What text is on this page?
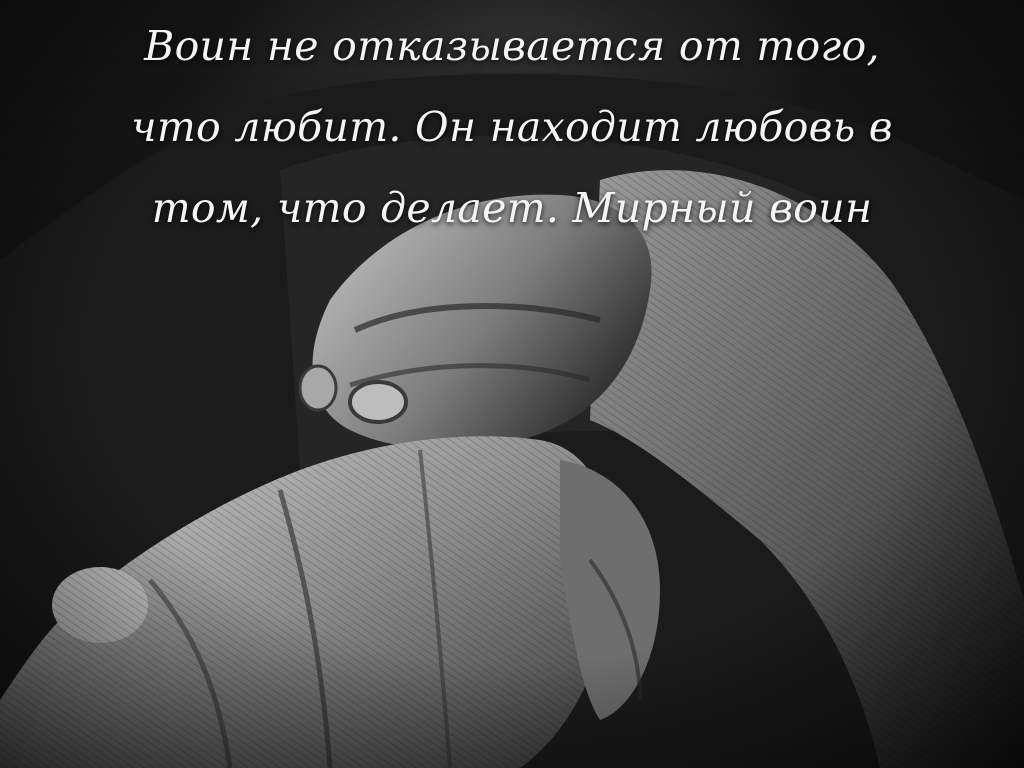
Воин не отказывается от того,
что любит. Он находит любовь в
том, что делает. Мирный воин
